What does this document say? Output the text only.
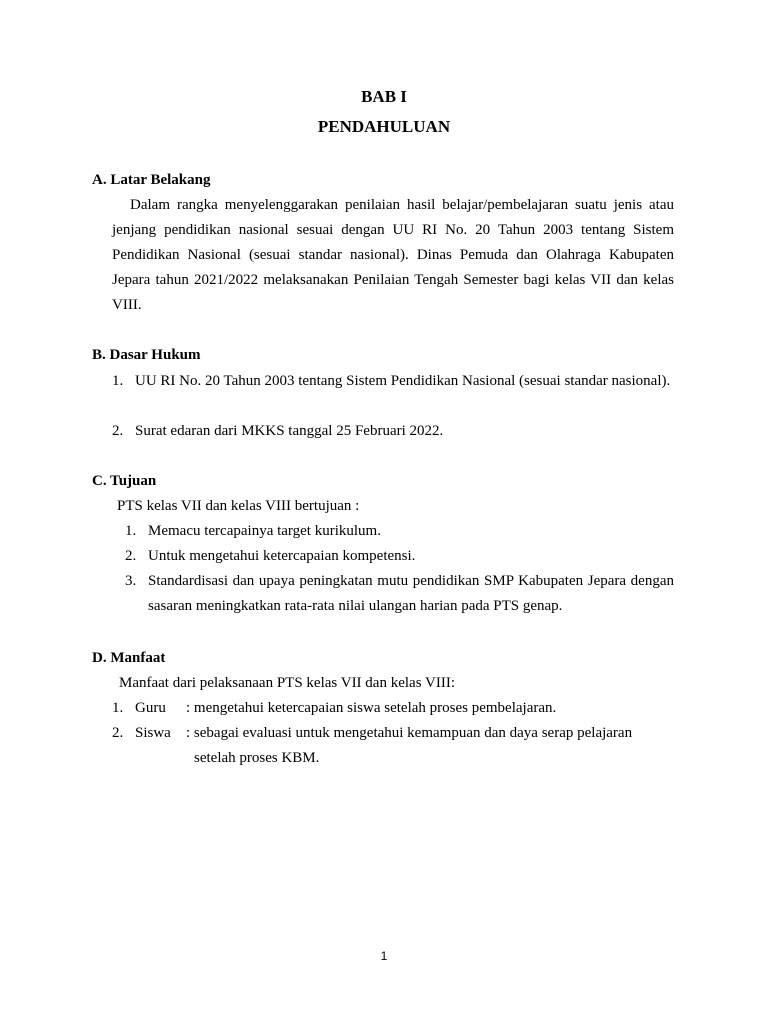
BAB I
PENDAHULUAN
A. Latar Belakang
Dalam rangka menyelenggarakan penilaian hasil belajar/pembelajaran suatu jenis atau jenjang pendidikan nasional sesuai dengan UU RI No. 20 Tahun 2003 tentang Sistem Pendidikan Nasional (sesuai standar nasional). Dinas Pemuda dan Olahraga Kabupaten Jepara tahun 2021/2022 melaksanakan Penilaian Tengah Semester bagi kelas VII dan kelas VIII.
B. Dasar Hukum
1. UU RI No. 20 Tahun 2003 tentang Sistem Pendidikan Nasional (sesuai standar nasional).
2. Surat edaran dari MKKS tanggal 25 Februari 2022.
C. Tujuan
PTS kelas VII dan kelas VIII bertujuan :
1. Memacu tercapainya target kurikulum.
2. Untuk mengetahui ketercapaian kompetensi.
3. Standardisasi dan upaya peningkatan mutu pendidikan SMP Kabupaten Jepara dengan sasaran meningkatkan rata-rata nilai ulangan harian pada PTS genap.
D. Manfaat
Manfaat dari pelaksanaan PTS kelas VII dan kelas VIII:
1. Guru : mengetahui ketercapaian siswa setelah proses pembelajaran.
2. Siswa : sebagai evaluasi untuk mengetahui kemampuan dan daya serap pelajaran
setelah proses KBM.
1
